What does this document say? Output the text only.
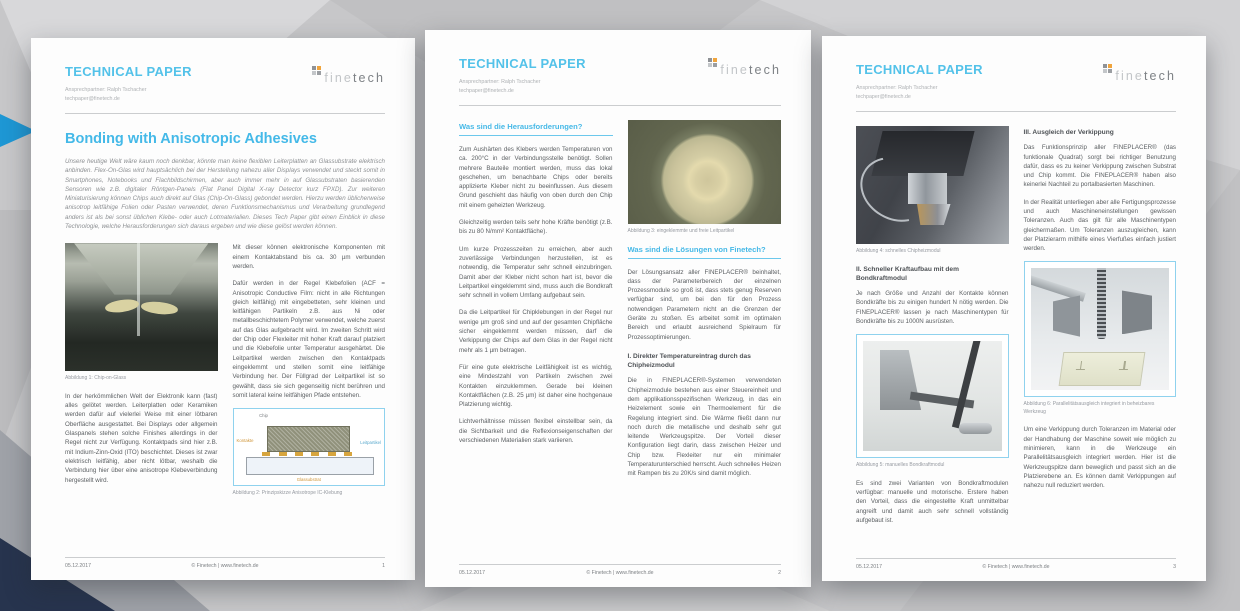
TECHNICAL PAPER
Ansprechpartner: Ralph Tschacher
techpaper@finetech.de
finetech
Bonding with Anisotropic Adhesives

Unsere heutige Welt wäre kaum noch denkbar, könnte man keine flexiblen Leiterplatten an Glassubstrate elektrisch anbinden. Flex-On-Glas wird hauptsächlich bei der Herstellung nahezu aller Displays verwendet und steckt somit in Smartphones, Notebooks und Flachbildschirmen, aber auch immer mehr in auf Glassubstraten basierenden Sensoren wie z.B. digitaler Röntgen-Panels (Flat Panel Digital X-ray Detector kurz FPXD). Zur weiteren Miniaturisierung können Chips auch direkt auf Glas (Chip-On-Glass) gebondet werden. Hierzu werden üblicherweise anisotrop leitfähige Folien oder Pasten verwendet, deren Funktionsmechanismus und Verarbeitung grundlegend anders ist als bei sonst üblichen Klebe- oder auch Lotmaterialien. Dieses Tech Paper gibt einen Einblick in diese Technologie, welche Herausforderungen sich daraus ergeben und wie diese gelöst werden können.

Abbildung 1: Chip-on-Glass

In der herkömmlichen Welt der Elektronik kann (fast) alles gelötet werden. Leiterplatten oder Keramiken werden dafür auf vielerlei Weise mit einer lötbaren Oberfläche ausgestattet. Bei Displays oder allgemein Glaspanels stehen solche Finishes allerdings in der Regel nicht zur Verfügung. Kontaktpads sind hier z.B. mit Indium-Zinn-Oxid (ITO) beschichtet. Dieses ist zwar elektrisch leitfähig, aber nicht lötbar, weshalb die Verbindung hier über eine anisotrope Klebeverbindung hergestellt wird.

Mit dieser können elektronische Komponenten mit einem Kontaktabstand bis ca. 30 µm verbunden werden.

Dafür werden in der Regel Klebefolien (ACF = Anisotropic Conductive Film: nicht in alle Richtungen gleich leitfähig) mit eingebetteten, sehr kleinen und leitfähigen Partikeln z.B. aus Ni oder metallbeschichtetem Polymer verwendet, welche zuerst auf das Glas aufgebracht wird. Im zweiten Schritt wird der Chip oder Flexleiter mit hoher Kraft darauf platziert und die Klebefolie unter Temperatur ausgehärtet. Die Leitpartikel werden zwischen den Kontaktpads eingeklemmt und stellen somit eine leitfähige Verbindung her. Der Füllgrad der Leitpartikel ist so gewählt, dass sie sich gegenseitig nicht berühren und somit lateral keine leitfähigen Pfade entstehen.

Chip
Kontakte	Leitpartikel
Glassubstrat
Abbildung 2: Prinzipskizze Anisotrope IC-Klebung
05.12.2017	© Finetech | www.finetech.de	1
TECHNICAL PAPER
Ansprechpartner: Ralph Tschacher
techpaper@finetech.de
finetech
Was sind die Herausforderungen?

Zum Aushärten des Klebers werden Temperaturen von ca. 200°C in der Verbindungsstelle benötigt. Sollen mehrere Bauteile montiert werden, muss das lokal geschehen, um benachbarte Chips oder bereits applizierte Kleber nicht zu beeinflussen. Aus diesem Grund geschieht das häufig von oben durch den Chip mit einem geheizten Werkzeug.

Gleichzeitig werden teils sehr hohe Kräfte benötigt (z.B. bis zu 80 N/mm² Kontaktfläche).

Um kurze Prozesszeiten zu erreichen, aber auch zuverlässige Verbindungen herzustellen, ist es notwendig, die Temperatur sehr schnell einzubringen. Damit aber der Kleber nicht schon hart ist, bevor die Leitpartikel eingeklemmt sind, muss auch die Bondkraft sehr schnell in vollem Umfang aufgebaut sein.

Da die Leitpartikel für Chipklebungen in der Regel nur wenige µm groß sind und auf der gesamten Chipfläche sicher eingeklemmt werden müssen, darf die Verkippung der Chips auf dem Glas in der Regel nicht mehr als 1 µm betragen.

Für eine gute elektrische Leitfähigkeit ist es wichtig, eine Mindestzahl von Partikeln zwischen zwei Kontakten einzuklemmen. Gerade bei kleinen Kontaktflächen (z.B. 25 µm) ist daher eine hochgenaue Platzierung wichtig.

Lichtverhältnisse müssen flexibel einstellbar sein, da die Sichtbarkeit und die Reflexionseigenschaften der verschiedenen Materialien stark variieren.

Abbildung 3: eingeklemmte und freie Leitpartikel
Was sind die Lösungen von Finetech?

Der Lösungsansatz aller FINEPLACER® beinhaltet, dass der Parameterbereich der einzelnen Prozessmodule so groß ist, dass stets genug Reserven verfügbar sind, um bei den für den Prozess notwendigen Parametern nicht an die Grenzen der Geräte zu stoßen. Es arbeitet somit im optimalen Bereich und erlaubt ausreichend Spielraum für Prozessoptimierungen.

I. Direkter Temperatureintrag durch das Chipheizmodul

Die in FINEPLACER®-Systemen verwendeten Chipheizmodule bestehen aus einer Steuereinheit und dem applikationsspezifischen Werkzeug, in das ein Heizelement sowie ein Thermoelement für die Regelung integriert sind. Die Wärme fließt dann nur noch durch die metallische und deshalb sehr gut leitende Werkzeugspitze. Der Vorteil dieser Konfiguration liegt darin, dass zwischen Heizer und Chip bzw. Flexleiter nur ein minimaler Temperaturunterschied herrscht. Auch schnelles Heizen mit Rampen bis zu 20K/s sind damit möglich.

05.12.2017	© Finetech | www.finetech.de	2
TECHNICAL PAPER
Ansprechpartner: Ralph Tschacher
techpaper@finetech.de
finetech
Abbildung 4: schnelles Chipheizmodul
II. Schneller Kraftaufbau mit dem Bondkraftmodul

Je nach Größe und Anzahl der Kontakte können Bondkräfte bis zu einigen hundert N nötig werden. Die FINEPLACER® lassen je nach Maschinentypen für Bondkräfte bis zu 1000N ausrüsten.

Abbildung 5: manuelles Bondkraftmodul

Es sind zwei Varianten von Bondkraftmodulen verfügbar: manuelle und motorische. Erstere haben den Vorteil, dass die eingestellte Kraft unmittelbar angreift und damit auch sehr schnell vollständig aufgebaut ist.

III. Ausgleich der Verkippung

Das Funktionsprinzip aller FINEPLACER® (das funktionale Quadrat) sorgt bei richtiger Benutzung dafür, dass es zu keiner Verkippung zwischen Substrat und Chip kommt. Die FINEPLACER® haben also keinerlei Nachteil zu portalbasierten Maschinen.

In der Realität unterliegen aber alle Fertigungsprozesse und auch Maschineneinstellungen gewissen Toleranzen. Auch das gilt für alle Maschinentypen gleichermaßen. Um Toleranzen auszugleichen, kann der Platzierarm mithilfe eines Vierfußes einfach justiert werden.

Abbildung 6: Parallelitätsausgleich integriert in beheizbares Werkzeug

Um eine Verkippung durch Toleranzen im Material oder der Handhabung der Maschine soweit wie möglich zu minimieren, kann in die Werkzeuge ein Parallelitätsausgleich integriert werden. Hier ist die Werkzeugspitze dann beweglich und passt sich an die Platzierebene an. Es können damit Verkippungen auf nahezu null reduziert werden.

05.12.2017	© Finetech | www.finetech.de	3
